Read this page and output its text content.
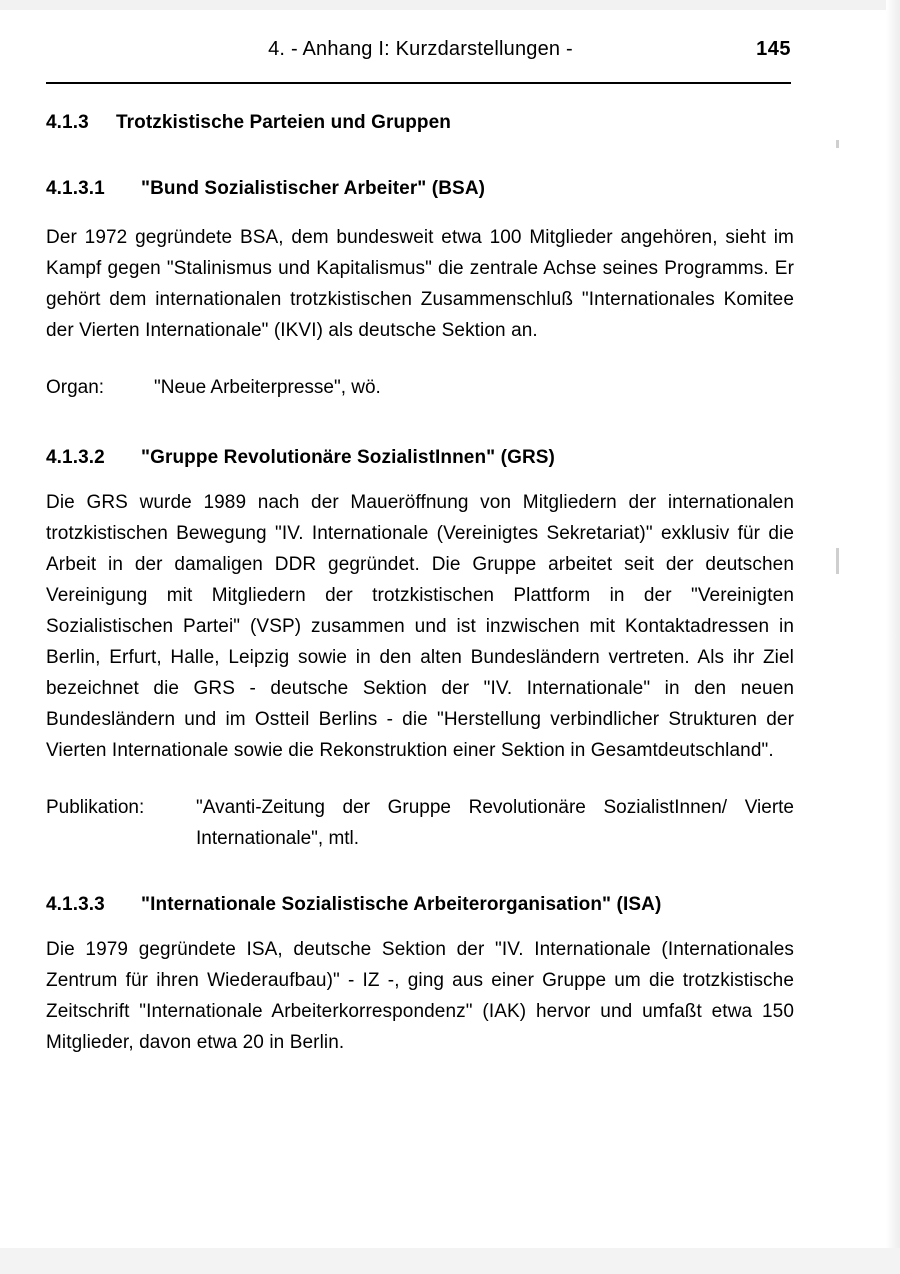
4. - Anhang I: Kurzdarstellungen -	145
4.1.3 Trotzkistische Parteien und Gruppen
4.1.3.1 "Bund Sozialistischer Arbeiter" (BSA)

Der 1972 gegründete BSA, dem bundesweit etwa 100 Mitglieder angehören, sieht im Kampf gegen "Stalinismus und Kapitalismus" die zentrale Achse seines Programms. Er gehört dem internationalen trotzkistischen Zusammenschluß "Internationales Komitee der Vierten Internationale" (IKVI) als deutsche Sektion an.

Organ:	"Neue Arbeiterpresse", wö.
4.1.3.2 "Gruppe Revolutionäre SozialistInnen" (GRS)

Die GRS wurde 1989 nach der Maueröffnung von Mitgliedern der internationalen trotzkistischen Bewegung "IV. Internationale (Vereinigtes Sekretariat)" exklusiv für die Arbeit in der damaligen DDR gegründet. Die Gruppe arbeitet seit der deutschen Vereinigung mit Mitgliedern der trotzkistischen Plattform in der "Vereinigten Sozialistischen Partei" (VSP) zusammen und ist inzwischen mit Kontaktadressen in Berlin, Erfurt, Halle, Leipzig sowie in den alten Bundesländern vertreten. Als ihr Ziel bezeichnet die GRS - deutsche Sektion der "IV. Internationale" in den neuen Bundesländern und im Ostteil Berlins - die "Herstellung verbindlicher Strukturen der Vierten Internationale sowie die Rekonstruktion einer Sektion in Gesamtdeutschland".

Publikation:	"Avanti-Zeitung der Gruppe Revolutionäre SozialistInnen/ Vierte Internationale", mtl.
4.1.3.3 "Internationale Sozialistische Arbeiterorganisation" (ISA)

Die 1979 gegründete ISA, deutsche Sektion der "IV. Internationale (Internationales Zentrum für ihren Wiederaufbau)" - IZ -, ging aus einer Gruppe um die trotzkistische Zeitschrift "Internationale Arbeiterkorrespondenz" (IAK) hervor und umfaßt etwa 150 Mitglieder, davon etwa 20 in Berlin.
